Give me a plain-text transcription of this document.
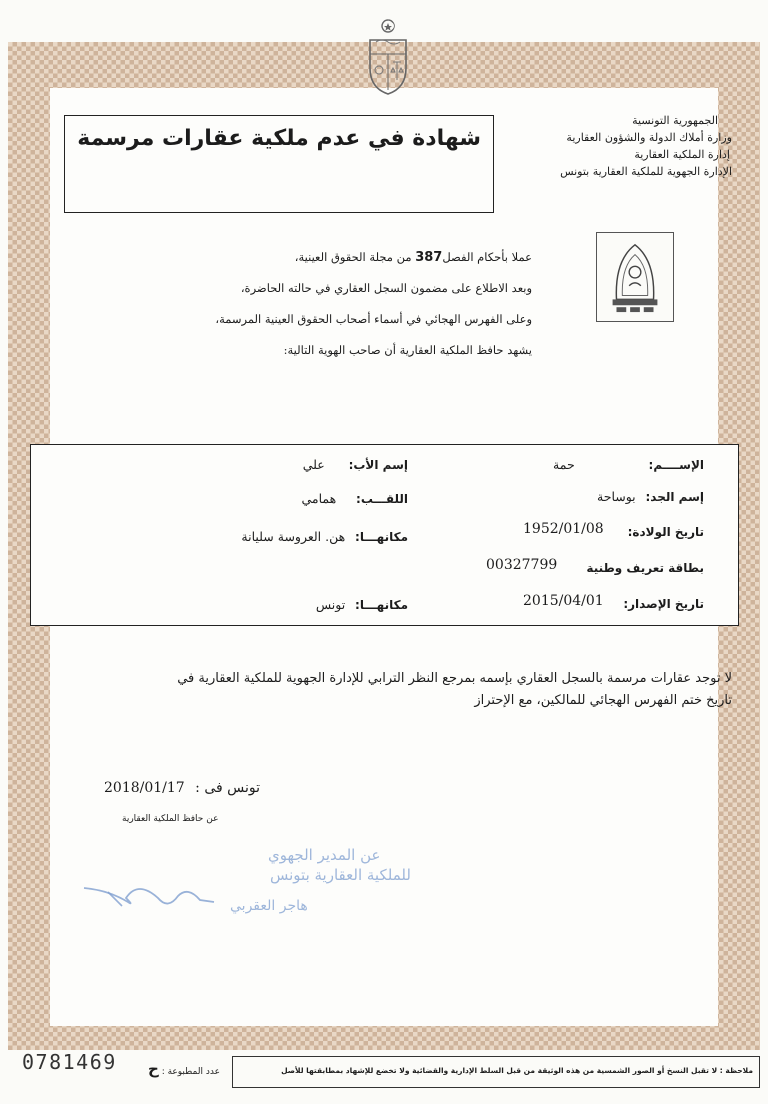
الجمهورية التونسية
وزارة أملاك الدولة والشؤون العقارية
إدارة الملكية العقارية
الإدارة الجهوية للملكية العقارية بتونس
شهادة في عدم ملكية عقارات مرسمة
عملا بأحكام الفصل387 من مجلة الحقوق العينية،
وبعد الاطلاع على مضمون السجل العقاري في حالته الحاضرة،
وعلى الفهرس الهجائي في أسماء أصحاب الحقوق العينية المرسمة،
يشهد حافظ الملكية العقارية أن صاحب الهوية التالية:
الإســــم: حمة
إسم الأب: علي
إسم الجد: بوساحة
اللقـــب: همامي
تاريخ الولادة:
1952/01/08
مكانهـــا: هن. العروسة سليانة
بطاقة تعريف وطنية
00327799
تاريخ الإصدار:
2015/04/01
مكانهـــا: تونس
لا توجد عقارات مرسمة بالسجل العقاري بإسمه بمرجع النظر الترابي للإدارة الجهوية للملكية العقارية في
تاريخ ختم الفهرس الهجائي للمالكين، مع الإحتراز
تونس فى : 2018/01/17
عن حافظ الملكية العقارية
عن المدير الجهوي
للملكية العقارية بتونس
هاجر العقربي
0781469	عدد المطبوعة : ح	ملاحظة : لا تقبل النسخ أو الصور الشمسية من هذه الوثيقة من قبل السلط الإدارية والقضائية ولا تخضع للإشهاد بمطابقتها للأصل
